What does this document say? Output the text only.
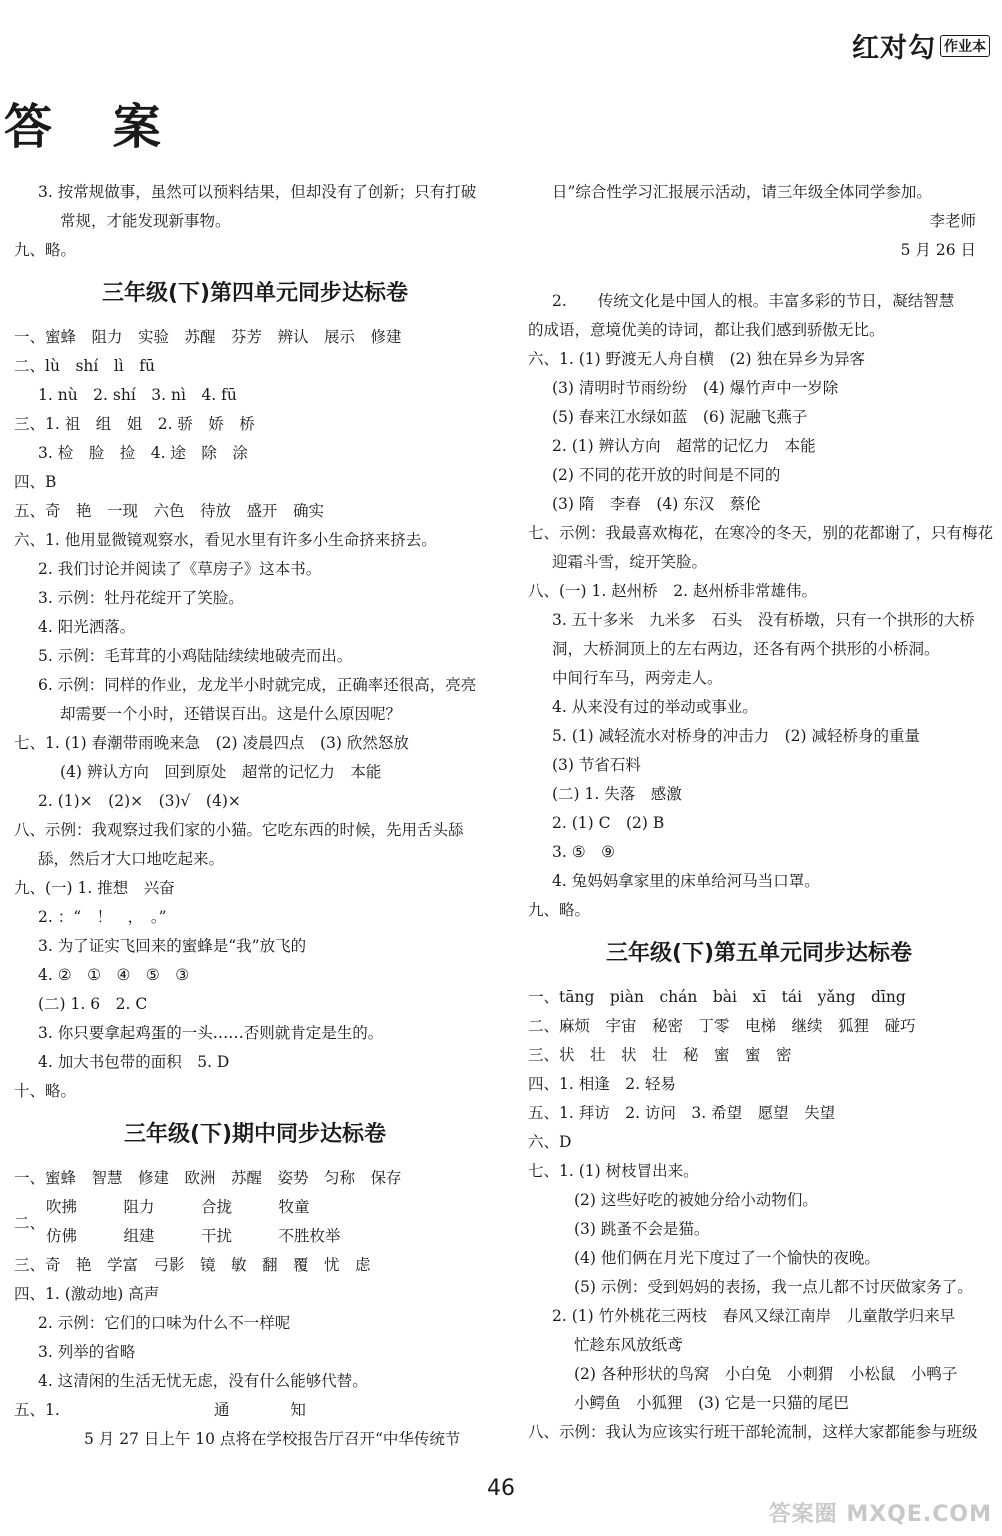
红对勾 作业本
答 案
3. 按常规做事，虽然可以预料结果，但却没有了创新；只有打破
常规，才能发现新事物。
九、略。
三年级(下)第四单元同步达标卷
一、蜜蜂　阻力　实验　苏醒　芬芳　辨认　展示　修建
二、lù　shí　lì　fū
1. nù　2. shí　3. nì　4. fū
三、1. 祖　组　姐　2. 骄　娇　桥
3. 检　脸　捡　4. 途　除　涂
四、B
五、奇　艳　一现　六色　待放　盛开　确实
六、1. 他用显微镜观察水，看见水里有许多小生命挤来挤去。
2. 我们讨论并阅读了《草房子》这本书。
3. 示例：牡丹花绽开了笑脸。
4. 阳光洒落。
5. 示例：毛茸茸的小鸡陆陆续续地破壳而出。
6. 示例：同样的作业，龙龙半小时就完成，正确率还很高，亮亮
却需要一个小时，还错误百出。这是什么原因呢？
七、1. (1) 春潮带雨晚来急　(2) 凌晨四点　(3) 欣然怒放
(4) 辨认方向　回到原处　超常的记忆力　本能
2. (1)×　(2)×　(3)√　(4)×
八、示例：我观察过我们家的小猫。它吃东西的时候，先用舌头舔
舔，然后才大口地吃起来。
九、(一) 1. 推想　兴奋
2. ：“　！　，　。”
3. 为了证实飞回来的蜜蜂是“我”放飞的
4. ②　①　④　⑤　③
(二) 1. 6　2. C
3. 你只要拿起鸡蛋的一头……否则就肯定是生的。
4. 加大书包带的面积　5. D
十、略。
三年级(下)期中同步达标卷
一、蜜蜂　智慧　修建　欧洲　苏醒　姿势　匀称　保存
二、
吹拂　　　阻力　　　合拢　　　牧童
仿佛　　　组建　　　干扰　　　不胜枚举
三、奇　艳　学富　弓影　镜　敏　翻　覆　忧　虑
四、1. (激动地) 高声
2. 示例：它们的口味为什么不一样呢
3. 列举的省略
4. 这清闲的生活无忧无虑，没有什么能够代替。
五、1.	通 知
5 月 27 日上午 10 点将在学校报告厅召开“中华传统节
日”综合性学习汇报展示活动，请三年级全体同学参加。
李老师
5 月 26 日
2.　　传统文化是中国人的根。丰富多彩的节日，凝结智慧
的成语，意境优美的诗词，都让我们感到骄傲无比。
六、1. (1) 野渡无人舟自横　(2) 独在异乡为异客
(3) 清明时节雨纷纷　(4) 爆竹声中一岁除
(5) 春来江水绿如蓝　(6) 泥融飞燕子
2. (1) 辨认方向　超常的记忆力　本能
(2) 不同的花开放的时间是不同的
(3) 隋　李春　(4) 东汉　蔡伦
七、示例：我最喜欢梅花，在寒冷的冬天，别的花都谢了，只有梅花
迎霜斗雪，绽开笑脸。
八、(一) 1. 赵州桥　2. 赵州桥非常雄伟。
3. 五十多米　九米多　石头　没有桥墩，只有一个拱形的大桥
洞，大桥洞顶上的左右两边，还各有两个拱形的小桥洞。
中间行车马，两旁走人。
4. 从来没有过的举动或事业。
5. (1) 减轻流水对桥身的冲击力　(2) 减轻桥身的重量
(3) 节省石料
(二) 1. 失落　感激
2. (1) C　(2) B
3. ⑤　⑨
4. 兔妈妈拿家里的床单给河马当口罩。
九、略。
三年级(下)第五单元同步达标卷
一、tāng　piàn　chán　bài　xī　tái　yǎng　dīng
二、麻烦　宇宙　秘密　丁零　电梯　继续　狐狸　碰巧
三、状　壮　状　壮　秘　蜜　蜜　密
四、1. 相逢　2. 轻易
五、1. 拜访　2. 访问　3. 希望　愿望　失望
六、D
七、1. (1) 树枝冒出来。
(2) 这些好吃的被她分给小动物们。
(3) 跳蚤不会是猫。
(4) 他们俩在月光下度过了一个愉快的夜晚。
(5) 示例：受到妈妈的表扬，我一点儿都不讨厌做家务了。
2. (1) 竹外桃花三两枝　春风又绿江南岸　儿童散学归来早
忙趁东风放纸鸢
(2) 各种形状的鸟窝　小白兔　小刺猬　小松鼠　小鸭子
小鳄鱼　小狐狸　(3) 它是一只猫的尾巴
八、示例：我认为应该实行班干部轮流制，这样大家都能参与班级
46
答案圈 MXQE.COM
